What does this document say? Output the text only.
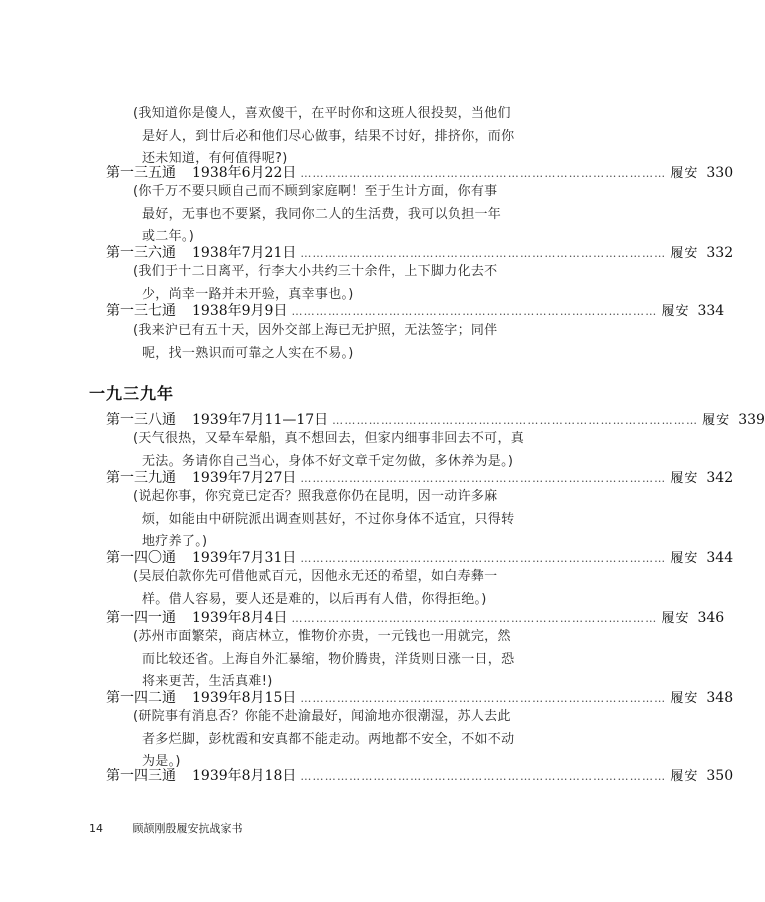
(我知道你是傻人，喜欢傻干，在平时你和这班人很投契，当他们
是好人，到廿后必和他们尽心做事，结果不讨好，排挤你，而你
还未知道，有何值得呢?)
第一三五通 1938年6月22日 ……………………………………………………………………………… 履安 330
(你千万不要只顾自己而不顾到家庭啊！至于生计方面，你有事
最好，无事也不要紧，我同你二人的生活费，我可以负担一年
或二年。)
第一三六通 1938年7月21日 ……………………………………………………………………………… 履安 332
(我们于十二日离平，行李大小共约三十余件，上下脚力化去不
少，尚幸一路并未开验，真幸事也。)
第一三七通 1938年9月9日 ……………………………………………………………………………… 履安 334
(我来沪已有五十天，因外交部上海已无护照，无法签字；同伴
呢，找一熟识而可靠之人实在不易。)
一九三九年
第一三八通 1939年7月11—17日 ……………………………………………………………………………… 履安 339
(天气很热，又晕车晕船，真不想回去，但家内细事非回去不可，真
无法。务请你自己当心，身体不好文章千定勿做，多休养为是。)
第一三九通 1939年7月27日 ……………………………………………………………………………… 履安 342
(说起你事，你究竟已定否？照我意你仍在昆明，因一动许多麻
烦，如能由中研院派出调查则甚好，不过你身体不适宜，只得转
地疗养了。)
第一四〇通 1939年7月31日 ……………………………………………………………………………… 履安 344
(吴辰伯款你先可借他贰百元，因他永无还的希望，如白寿彝一
样。借人容易，要人还是难的，以后再有人借，你得拒绝。)
第一四一通 1939年8月4日 ……………………………………………………………………………… 履安 346
(苏州市面繁荣，商店林立，惟物价亦贵，一元钱也一用就完，然
而比较还省。上海自外汇暴缩，物价腾贵，洋货则日涨一日，恐
将来更苦，生活真难!)
第一四二通 1939年8月15日 ……………………………………………………………………………… 履安 348
(研院事有消息否？你能不赴渝最好，闻渝地亦很潮湿，苏人去此
者多烂脚，彭枕霞和安真都不能走动。两地都不安全，不如不动
为是。)
第一四三通 1939年8月18日 ……………………………………………………………………………… 履安 350
14	顾颉刚殷履安抗战家书
